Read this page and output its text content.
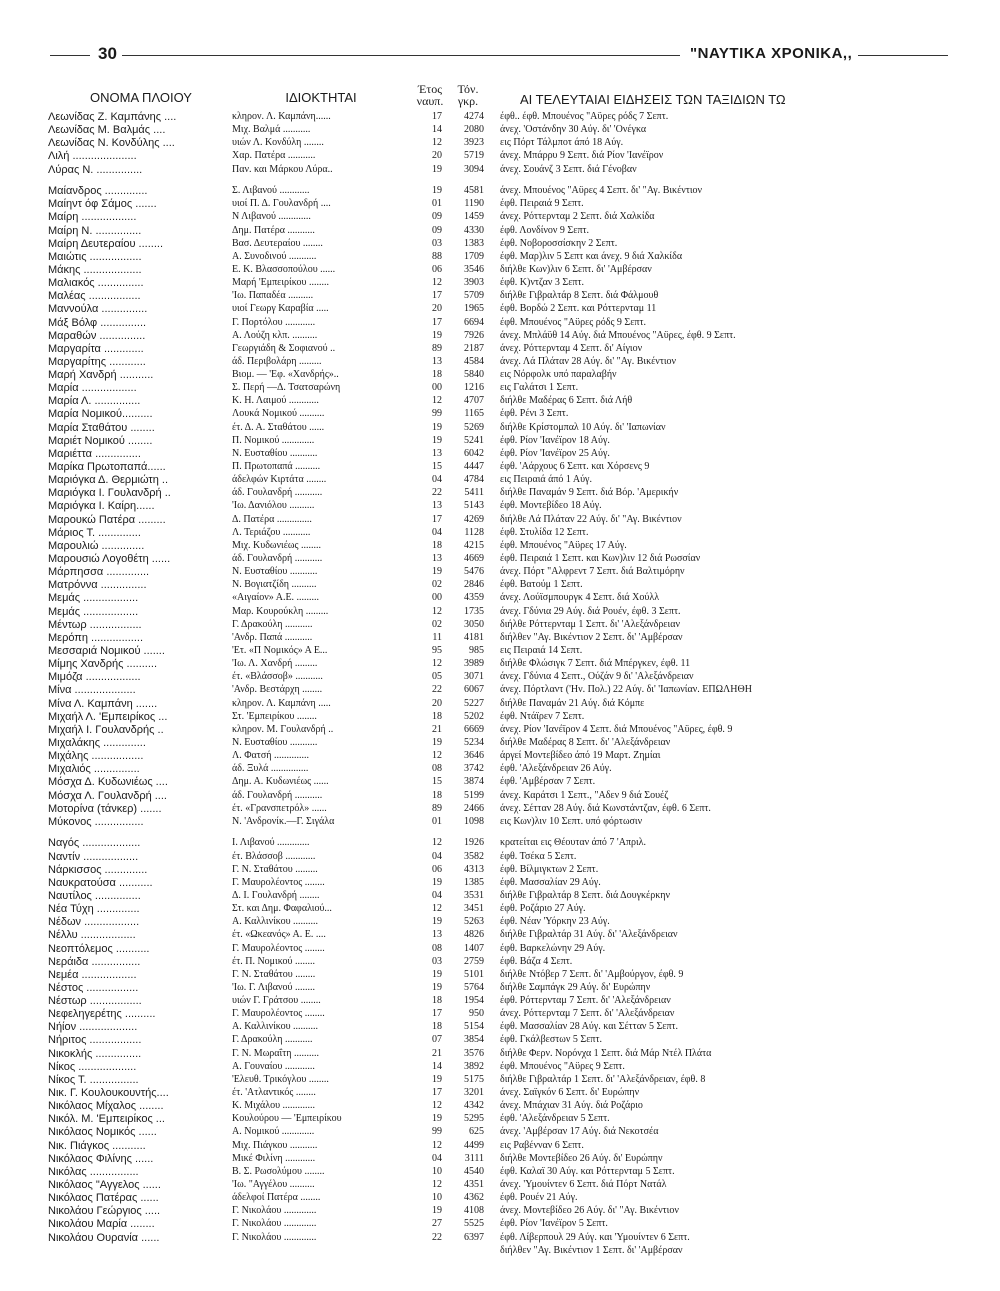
30	"ΝΑΥΤΙΚΑ ΧΡΟΝΙΚΑ,,
ΟΝΟΜΑ ΠΛΟΙΟΥ	ΙΔΙΟΚΤΗΤΑΙ
Έτος
ναυπ.
Τόν.
γκρ.	ΑΙ ΤΕΛΕΥΤΑΙΑΙ ΕΙΔΗΣΕΙΣ ΤΩΝ ΤΑΞΙΔΙΩΝ ΤΩ
Λεωνίδας Ζ. Καμπάνης ....	κληρον. Λ. Καμπάνη......	17	4274 έφθ.. έφθ. Μπουένος "Αϋρες ρόδς 7 Σεπτ.
Λεωνίδας Μ. Βαλμάς ....	Μιχ. Βαλμά ...........	14	2080 άνεχ. 'Οστάνδην 30 Αύγ. δι' 'Ονέγκα
Λεωνίδας Ν. Κονδύλης ....	υιών Λ. Κονδύλη ........	12	3923 εις Πόρτ Τάλμποτ άπό 18 Αύγ.
Λιλή .....................	Χαρ. Πατέρα ...........	20	5719 άνεχ. Μπάρρυ 9 Σεπτ. διά Ρίον 'Ιανέϊρον
Λύρας Ν. ...............	Παν. και Μάρκου Λύρα..	19	3094 άνεχ. Σουάνζ 3 Σεπτ. διά Γένοβαν
Μαίανδρος ..............	Σ. Λιβανού ............	19	4581 άνεχ. Μπουένος "Αϋρες 4 Σεπτ. δι' "Αγ. Βικέντιον
Μαίηντ όφ Σάμος .......	υιοί Π. Δ. Γουλανδρή ....	01	1190 έφθ. Πειραιά 9 Σεπτ.
Μαίρη ..................	Ν Λιβανού .............	09	1459 άνεχ. Ρόττερνταμ 2 Σεπτ. διά Χαλκίδα
Μαίρη Ν. ...............	Δημ. Πατέρα ...........	09	4330 έφθ. Λονδίνον 9 Σεπτ.
Μαίρη Δευτεραίου ........	Βασ. Δευτεραίου ........	03	1383 έφθ. Νοβοροσσίσκην 2 Σεπτ.
Μαιώτις .................	Α. Συνοδινού ...........	88	1709 έφθ. Μαρ)λιν 5 Σεπτ και άνεχ. 9 διά Χαλκίδα
Μάκης ...................	Ε. Κ. Βλασσοπούλου ......	06	3546 διήλθε Κων)λιν 6 Σεπτ. δι' 'Αμβέρσαν
Μαλιακός ...............	Μαρή 'Εμπειρίκου ........	12	3903 έφθ. Κ)ντζαν 3 Σεπτ.
Μαλέας .................	'Ιω. Παπαδέα ..........	17	5709 διήλθε Γιβραλτάρ 8 Σεπτ. διά Φάλμουθ
Μαννούλα ...............	υιοί Γεωργ Καραβία .....	20	1965 έφθ. Βορδώ 2 Σεπτ. και Ρόττερνταμ 11
Μάξ Βόλφ ...............	Γ. Πορτόλου ............	17	6694 έφθ. Μπουένος "Αϋρες ρόδς 9 Σεπτ.
Μαραθών ...............	Α. Λούζη κλπ. ..........	19	7926 άνεχ. Μπλάϋθ 14 Αύγ. διά Μπουένος "Αϋρες, έφθ. 9 Σεπτ.
Μαργαρίτα .............	Γεωργιάδη & Σοφιανού ..	89	2187 άνεχ. Ρόττερνταμ 4 Σεπτ. δι' Αίγιον
Μαργαρίτης ............	άδ. Περιβολάρη .........	13	4584 άνεχ. Λά Πλάταν 28 Αύγ. δι' "Αγ. Βικέντιον
Μαρή Χανδρή ...........	Βιομ. — 'Εφ. «Χανδρής»..	18	5840 εις Νόρφολκ υπό παραλαβήν
Μαρία ..................	Σ. Περή —Δ. Τσατσαρώνη	00	1216 εις Γαλάτσι 1 Σεπτ.
Μαρία Λ. ...............	Κ. Η. Λαιμού ............	12	4707 διήλθε Μαδέρας 6 Σεπτ. διά Λήθ
Μαρία Νομικού..........	Λουκά Νομικού ..........	99	1165 έφθ. Ρένι 3 Σεπτ.
Μαρία Σταθάτου ........	έτ. Δ. Α. Σταθάτου ......	19	5269 διήλθε Κρίστομπαλ 10 Αύγ. δι' 'Ιαπωνίαν
Μαριέτ Νομικού ........	Π. Νομικού .............	19	5241 έφθ. Ρίον 'Ιανέϊρον 18 Αύγ.
Μαριέττα ...............	Ν. Ευσταθίου ...........	13	6042 έφθ. Ρίον 'Ιανέϊρον 25 Αύγ.
Μαρίκα Πρωτοπαπά......	Π. Πρωτοπαπά ..........	15	4447 έφθ. 'Αάρχους 6 Σεπτ. και Χόρσενς 9
Μαριόγκα Δ. Θερμιώτη ..	άδελφών Κιρτάτα ........	04	4784 εις Πειραιά άπό 1 Αύγ.
Μαριόγκα Ι. Γουλανδρή ..	άδ. Γουλανδρή ...........	22	5411 διήλθε Παναμάν 9 Σεπτ. διά Βόρ. 'Αμερικήν
Μαριόγκα Ι. Καίρη......	'Ιω. Δανιόλου ..........	13	5143 έφθ. Μοντεβίδεο 18 Αύγ.
Μαρουκώ Πατέρα .........	Δ. Πατέρα ..............	17	4269 διήλθε Λά Πλάταν 22 Αύγ. δι' "Αγ. Βικέντιον
Μάριος Τ. ..............	Λ. Τεριάζου ...........	04	1128 έφθ. Στυλίδα 12 Σεπτ.
Μαρουλιώ ..............	Μιχ. Κυδωνιέως ........	18	4215 έφθ. Μπουένος "Αϋρες 17 Αύγ.
Μαρουσιώ Λογοθέτη ......	άδ. Γουλανδρή ...........	13	4669 έφθ. Πειραιά 1 Σεπτ. και Κων)λιν 12 διά Ρωσσίαν
Μάρπησσα ..............	Ν. Ευσταθίου ...........	19	5476 άνεχ. Πόρτ "Αλφρεντ 7 Σεπτ. διά Βαλτιμόρην
Ματρόννα ...............	Ν. Βογιατζίδη ..........	02	2846 έφθ. Βατούμ 1 Σεπτ.
Μεμάς ..................	«Αιγαίον» Α.Ε. .........	00	4359 άνεχ. Λούϊσμπουργκ 4 Σεπτ. διά Χούλλ
Μεμάς ..................	Μαρ. Κουρούκλη .........	12	1735 άνεχ. Γδύνια 29 Αύγ. διά Ρουέν, έφθ. 3 Σεπτ.
Μέντωρ .................	Γ. Δρακούλη ...........	02	3050 διήλθε Ρόττερνταμ 1 Σεπτ. δι' 'Αλεξάνδρειαν
Μερόπη .................	'Ανδρ. Παπά ...........	11	4181 διήλθεν "Αγ. Βικέντιον 2 Σεπτ. δι' 'Αμβέρσαν
Μεσσαριά Νομικού .......	'Ετ. «Π Νομικός» Α Ε...	95	985 εις Πειραιά 14 Σεπτ.
Μίμης Χανδρής ..........	'Ιω. Λ. Χανδρή .........	12	3989 διήλθε Φλώσιγκ 7 Σεπτ. διά Μπέργκεν, έφθ. 11
Μιμόζα ..................	έτ. «Βλάσσοβ» ...........	05	3071 άνεχ. Γδύνια 4 Σεπτ., Ούζάν 9 δι' 'Αλεξάνδρειαν
Μίνα ....................	'Ανδρ. Βεστάρχη ........	22	6067 άνεχ. Πόρτλαντ ('Ην. Πολ.) 22 Αύγ. δι' 'Ιαπωνίαν. ΕΠΩΛΗΘΗ
Μίνα Λ. Καμπάνη .......	κληρον. Λ. Καμπάνη .....	20	5227 διήλθε Παναμάν 21 Αύγ. διά Κόμπε
Μιχαήλ Λ. 'Εμπειρίκος ...	Στ. 'Εμπειρίκου ........	18	5202 έφθ. Ντάϊρεν 7 Σεπτ.
Μιχαήλ Ι. Γουλανδρής ..	κληρον. Μ. Γουλανδρή ..	21	6669 άνεχ. Ρίον 'Ιανέϊρον 4 Σεπτ. διά Μπουένος "Αϋρες, έφθ. 9
Μιχαλάκης ..............	Ν. Ευσταθίου ...........	19	5234 διήλθε Μαδέρας 8 Σεπτ. δι' 'Αλεξάνδρειαν
Μιχάλης .................	Λ. Φατσή ..............	12	3646 άργεί Μοντεβίδεο άπό 19 Μαρτ. Ζημίαι
Μιχαλιός ...............	άδ. Ξυλά ...............	08	3742 έφθ. 'Αλεξάνδρειαν 26 Αύγ.
Μόσχα Δ. Κυδωνιέως ....	Δημ. Α. Κυδωνιέως ......	15	3874 έφθ. 'Αμβέρσαν 7 Σεπτ.
Μόσχα Λ. Γουλανδρή ....	άδ. Γουλανδρή ...........	18	5199 άνεχ. Καράτσι 1 Σεπτ., "Αδεν 9 διά Σουέζ
Μοτορίνα (τάνκερ) .......	έτ. «Γρανσπετρόλ» ......	89	2466 άνεχ. Σέτταν 28 Αύγ. διά Κωνστάντζαν, έφθ. 6 Σεπτ.
Μύκονος ................	Ν. 'Ανδρονίκ.—Γ. Σιγάλα	01	1098 εις Κων)λιν 10 Σεπτ. υπό φόρτωσιν
Ναγός ...................	Ι. Λιβανού .............	12	1926 κρατείται εις Θέουταν άπό 7 'Απριλ.
Ναντίν ..................	έτ. Βλάσσοβ ............	04	3582 έφθ. Τσέκα 5 Σεπτ.
Νάρκισσος ..............	Γ. Ν. Σταθάτου .........	06	4313 έφθ. Βίλμιγκτων 2 Σεπτ.
Ναυκρατούσα ...........	Γ. Μαυρολέοντος ........	19	1385 έφθ. Μασσαλίαν 29 Αύγ.
Ναυτίλος ...............	Δ. Ι. Γουλανδρή ........	04	3531 διήλθε Γιβραλτάρ 8 Σεπτ. διά Δουγκέρκην
Νέα Τύχη ..............	Στ. και Δημ. Φαφαλιού...	12	3451 έφθ. Ροζάριο 27 Αύγ.
Νέδων ..................	Α. Καλλινίκου ..........	19	5263 έφθ. Νέαν 'Υόρκην 23 Αύγ.
Νέλλυ ..................	έτ. «Ωκεανός» Α. Ε. ....	13	4826 διήλθε Γιβραλτάρ 31 Αύγ. δι' 'Αλεξάνδρειαν
Νεοπτόλεμος ...........	Γ. Μαυρολέοντος ........	08	1407 έφθ. Βαρκελώνην 29 Αύγ.
Νεράιδα ................	έτ. Π. Νομικού ........	03	2759 έφθ. Βάζα 4 Σεπτ.
Νεμέα ..................	Γ. Ν. Σταθάτου ........	19	5101 διήλθε Ντόβερ 7 Σεπτ. δι' 'Αμβούργον, έφθ. 9
Νέστος .................	'Ιω. Γ. Λιβανού ........	19	5764 διήλθε Σαμπάγκ 29 Αύγ. δι' Ευρώπην
Νέστωρ .................	υιών Γ. Γράτσου ........	18	1954 έφθ. Ρόττερνταμ 7 Σεπτ. δι' 'Αλεξάνδρειαν
Νεφεληγερέτης ..........	Γ. Μαυρολέοντος ........	17	950 άνεχ. Ρόττερνταμ 7 Σεπτ. δι' 'Αλεξάνδρειαν
Νήίον ...................	Α. Καλλινίκου ..........	18	5154 έφθ. Μασσαλίαν 28 Αύγ. και Σέτταν 5 Σεπτ.
Νήριτος .................	Γ. Δρακούλη ...........	07	3854 έφθ. Γκάλβεστων 5 Σεπτ.
Νικοκλής ...............	Γ. Ν. Μωραΐτη ..........	21	3576 διήλθε Φερν. Νορόνχα 1 Σεπτ. διά Μάρ Ντέλ Πλάτα
Νίκος ...................	Α. Γουναίου ............	14	3892 έφθ. Μπουένος "Αϋρες 9 Σεπτ.
Νίκος Τ. ................	'Ελευθ. Τρικόγλου ........	19	5175 διήλθε Γιβραλτάρ 1 Σεπτ. δι' 'Αλεξάνδρειαν, έφθ. 8
Νικ. Γ. Κουλουκουντής....	έτ. 'Ατλαντικός ........	17	3201 άνεχ. Σαϊγκόν 6 Σεπτ. δι' Ευρώπην
Νικόλαος Μίχαλος ........	Κ. Μιχάλου .............	12	4342 άνεχ. Μπάχιαν 31 Αύγ. διά Ροζάριο
Νικόλ. Μ. 'Εμπειρίκος ...	Κουλούρου — 'Εμπειρίκου	19	5295 έφθ. 'Αλεξάνδρειαν 5 Σεπτ.
Νικόλαος Νομικός ......	Α. Νομικού .............	99	625 άνεχ. 'Αμβέρσαν 17 Αύγ. διά Νεκοτσέα
Νικ. Πιάγκος ...........	Μιχ. Πιάγκου ...........	12	4499 εις Ραβένναν 6 Σεπτ.
Νικόλαος Φιλίνης ......	Μικέ Φιλίνη ............	04	3111 διήλθε Μοντεβίδεο 26 Αύγ. δι' Ευρώπην
Νικόλας ................	Β. Σ. Ρωσολύμου ........	10	4540 έφθ. Καλαϊ 30 Αύγ. και Ρόττερνταμ 5 Σεπτ.
Νικόλαος "Αγγελος ......	'Ιω. "Αγγέλου ..........	12	4351 άνεχ. 'Υμουίντεν 6 Σεπτ. διά Πόρτ Νατάλ
Νικόλαος Πατέρας ......	άδελφοί Πατέρα ........	10	4362 έφθ. Ρουέν 21 Αύγ.
Νικολάου Γεώργιος .....	Γ. Νικολάου .............	19	4108 άνεχ. Μοντεβίδεο 26 Αύγ. δι' "Αγ. Βικέντιον
Νικολάου Μαρία ........	Γ. Νικολάου .............	27	5525 έφθ. Ρίον 'Ιανέϊρον 5 Σεπτ.
Νικολάου Ουρανία ......	Γ. Νικολάου .............	22	6397 έφθ. Λίβερπουλ 29 Αύγ. και 'Υμουίντεν 6 Σεπτ.
διήλθεν "Αγ. Βικέντιον 1 Σεπτ. δι' 'Αμβέρσαν
